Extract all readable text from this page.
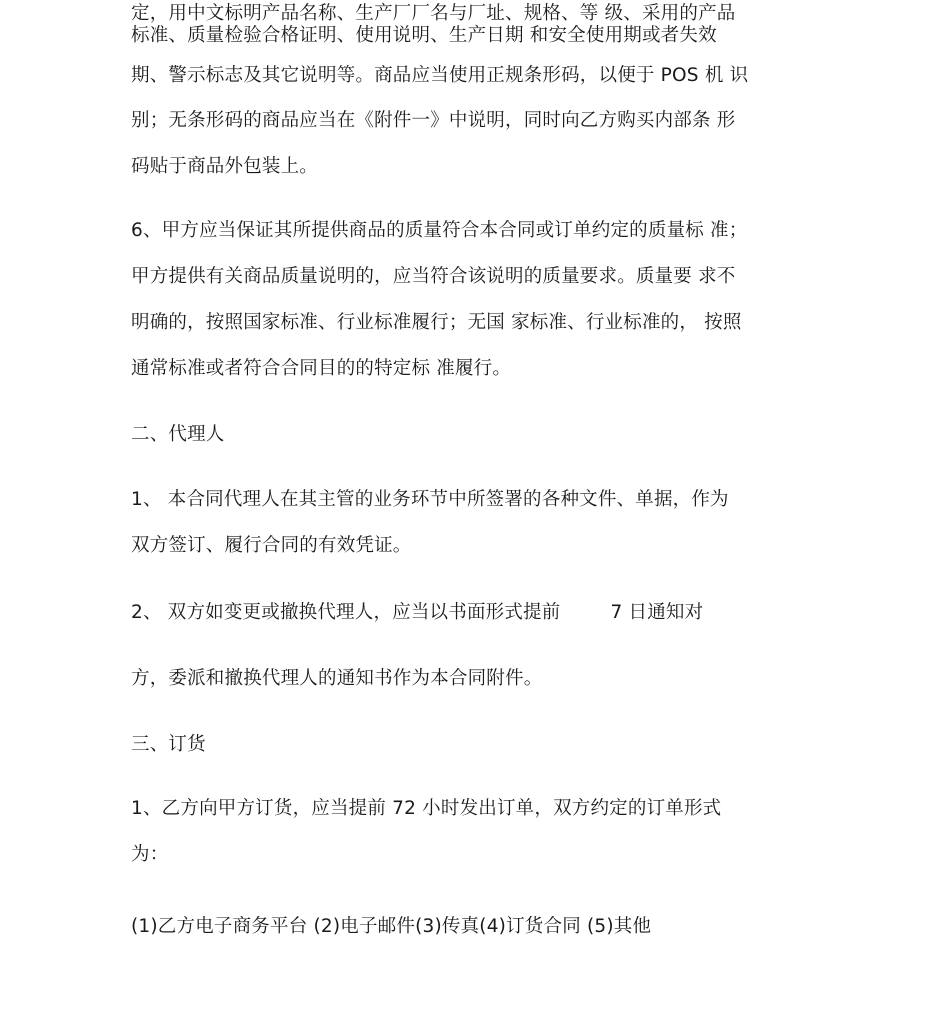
定，用中文标明产品名称、生产厂厂名与厂址、规格、等 级、采用的产品
标准、质量检验合格证明、使用说明、生产日期 和安全使用期或者失效
期、警示标志及其它说明等。商品应当使用正规条形码，以便于 POS 机 识
别；无条形码的商品应当在《附件一》中说明，同时向乙方购买内部条 形
码贴于商品外包装上。
6、甲方应当保证其所提供商品的质量符合本合同或订单约定的质量标 准；
甲方提供有关商品质量说明的，应当符合该说明的质量要求。质量要 求不
明确的，按照国家标准、行业标准履行；无国 家标准、行业标准的， 按照
通常标准或者符合合同目的的特定标 准履行。
二、代理人
1、 本合同代理人在其主管的业务环节中所签署的各种文件、单据，作为
双方签订、履行合同的有效凭证。
2、 双方如变更或撤换代理人，应当以书面形式提前	7 日通知对
方，委派和撤换代理人的通知书作为本合同附件。
三、订货
1、乙方向甲方订货，应当提前 72 小时发出订单，双方约定的订单形式
为：
(1)乙方电子商务平台 (2)电子邮件(3)传真(4)订货合同 (5)其他
